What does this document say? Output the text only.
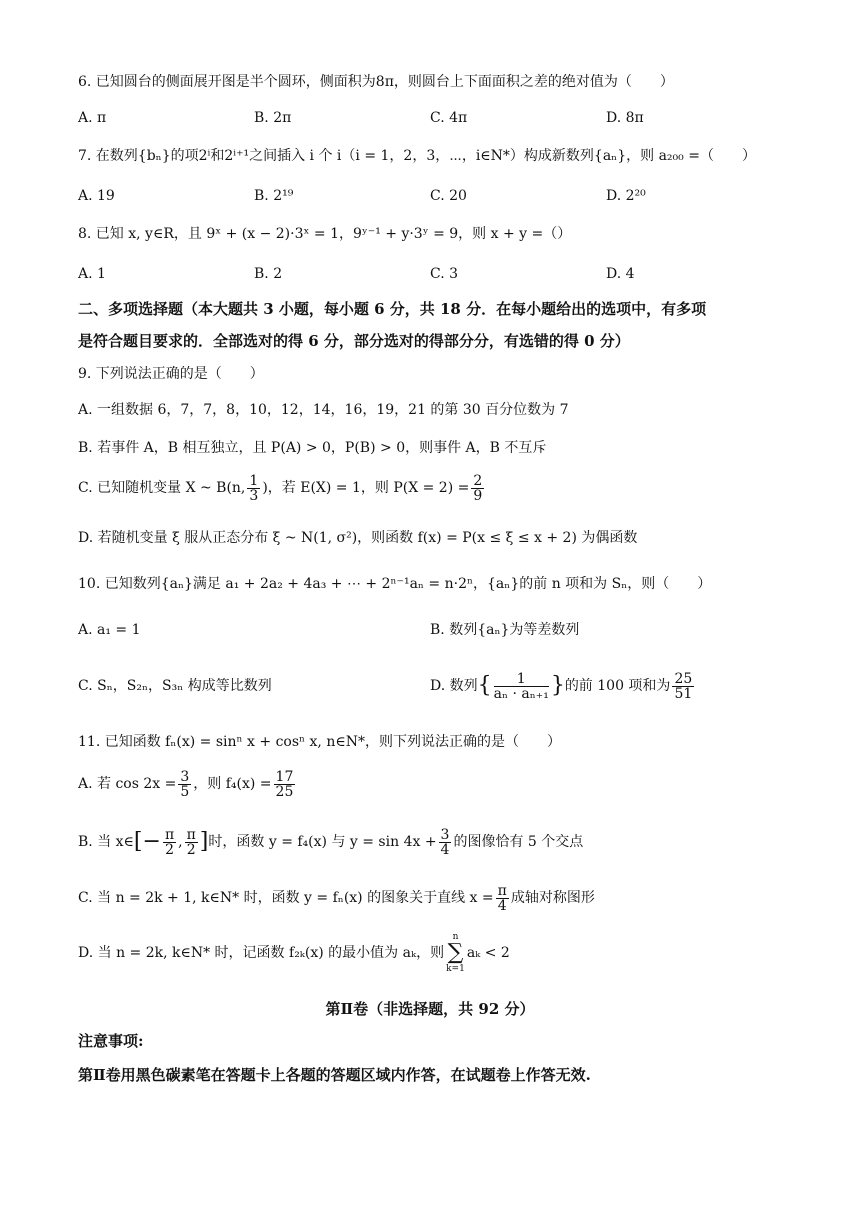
6. 已知圆台的侧面展开图是半个圆环，侧面积为8π，则圆台上下面面积之差的绝对值为（　　）
A. π	B. 2π	C. 4π	D. 8π
7. 在数列{bₙ}的项2ⁱ和2ⁱ⁺¹之间插入 i 个 i（i = 1，2，3，⋯，i∈N*）构成新数列{aₙ}，则 a₂₀₀ =（　　）
A. 19	B. 2¹⁹	C. 20	D. 2²⁰
8. 已知 x, y∈R，且 9ˣ + (x − 2)·3ˣ = 1，9ʸ⁻¹ + y·3ʸ = 9，则 x + y =（）
A. 1	B. 2	C. 3	D. 4
二、多项选择题（本大题共 3 小题，每小题 6 分，共 18 分．在每小题给出的选项中，有多项
是符合题目要求的．全部选对的得 6 分，部分选对的得部分分，有选错的得 0 分）
9. 下列说法正确的是（　　）
A. 一组数据 6，7，7，8，10，12，14，16，19，21 的第 30 百分位数为 7
B. 若事件 A，B 相互独立，且 P(A) > 0，P(B) > 0，则事件 A，B 不互斥
C. 已知随机变量 X ~ B(n, $\frac{1}{3}$ )，若 E(X) = 1，则 $P(X = 2) = \frac{2}{9}$
D. 若随机变量 ξ 服从正态分布 ξ ~ N(1, σ²)，则函数 f(x) = P(x ≤ ξ ≤ x + 2) 为偶函数
10. 已知数列{aₙ}满足 a₁ + 2a₂ + 4a₃ + ⋯ + 2ⁿ⁻¹aₙ = n·2ⁿ，{aₙ}的前 n 项和为 Sₙ，则（　　）
A. a₁ = 1	B. 数列{aₙ}为等差数列
C. Sₙ，S₂ₙ，S₃ₙ 构成等比数列	D. 数列{ $\frac{1}{\text{aₙ · aₙ₊₁}}$ }的前 100 项和为 $\frac{25}{51}$
11. 已知函数 fₙ(x) = sinⁿ x + cosⁿ x, n∈N*，则下列说法正确的是（　　）
A. 若 $\cos 2x = \frac{3}{5}$ ，则 $f_4(x) = \frac{17}{25}$
B. 当 x∈[− $\frac{\pi}{2}$ , $\frac{\pi}{2}$ ]时，函数 y = f₄(x) 与 $y = \sin 4x + \frac{3}{4}$ 的图像恰有 5 个交点
C. 当 n = 2k + 1, k∈N* 时，函数 y = fₙ(x) 的图象关于直线 $x = \frac{\pi}{4}$ 成轴对称图形
D. 当 n = 2k, k∈N* 时，记函数 f₂ₖ(x) 的最小值为 aₖ，则n
∑
k=1aₖ < 2
第Ⅱ卷（非选择题，共 92 分）
注意事项:
第Ⅱ卷用黑色碳素笔在答题卡上各题的答题区域内作答，在试题卷上作答无效.
